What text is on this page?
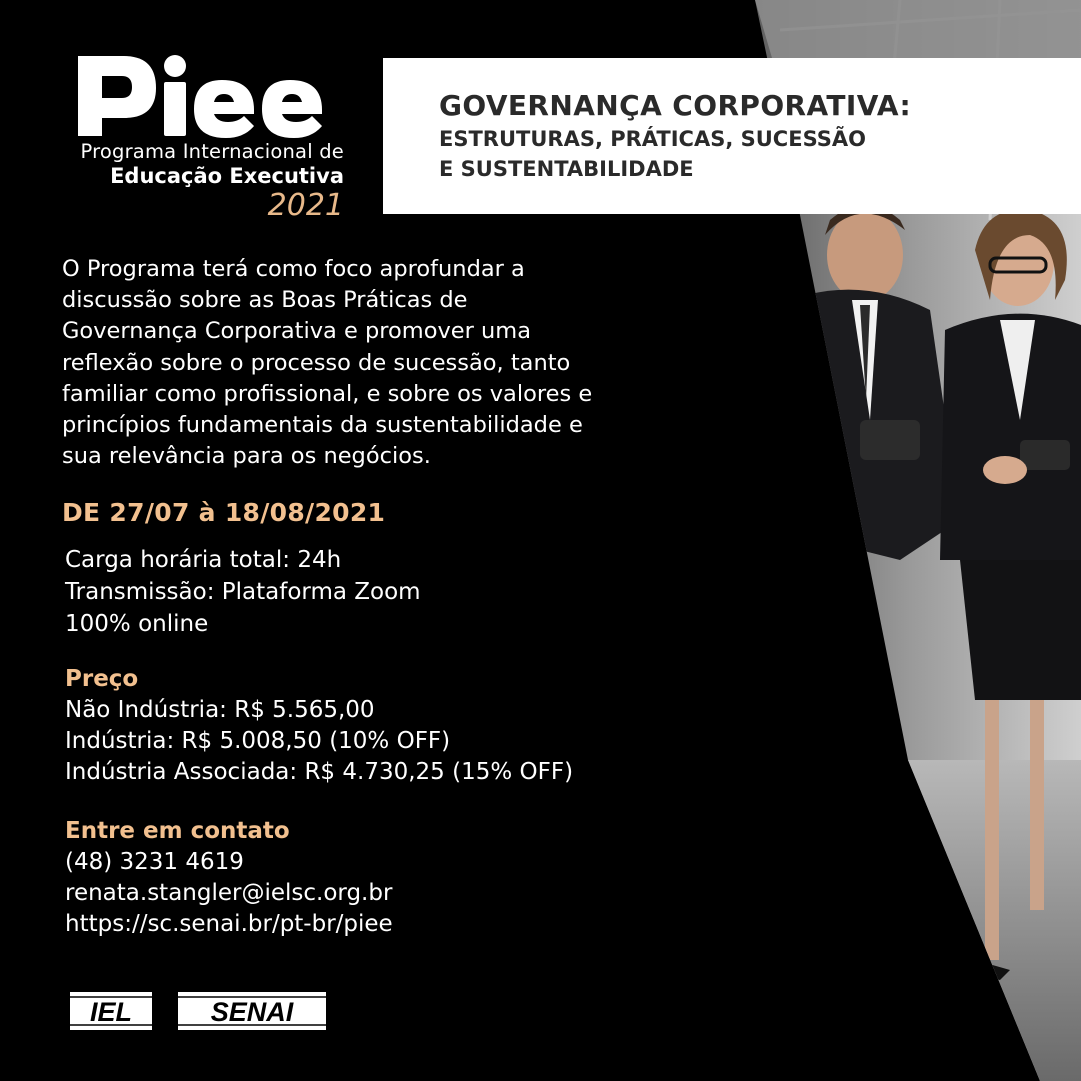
Piee
Programa Internacional de
Educação Executiva
2021
GOVERNANÇA CORPORATIVA:
ESTRUTURAS, PRÁTICAS, SUCESSÃO
E SUSTENTABILIDADE
O Programa terá como foco aprofundar a
discussão sobre as Boas Práticas de
Governança Corporativa e promover uma
reflexão sobre o processo de sucessão, tanto
familiar como profissional, e sobre os valores e
princípios fundamentais da sustentabilidade e
sua relevância para os negócios.
DE 27/07 à 18/08/2021
Carga horária total: 24h
Transmissão: Plataforma Zoom
100% online
Preço
Não Indústria: R$ 5.565,00
Indústria: R$ 5.008,50 (10% OFF)
Indústria Associada: R$ 4.730,25 (15% OFF)
Entre em contato
(48) 3231 4619
renata.stangler@ielsc.org.br
https://sc.senai.br/pt-br/piee
IEL	SENAI
